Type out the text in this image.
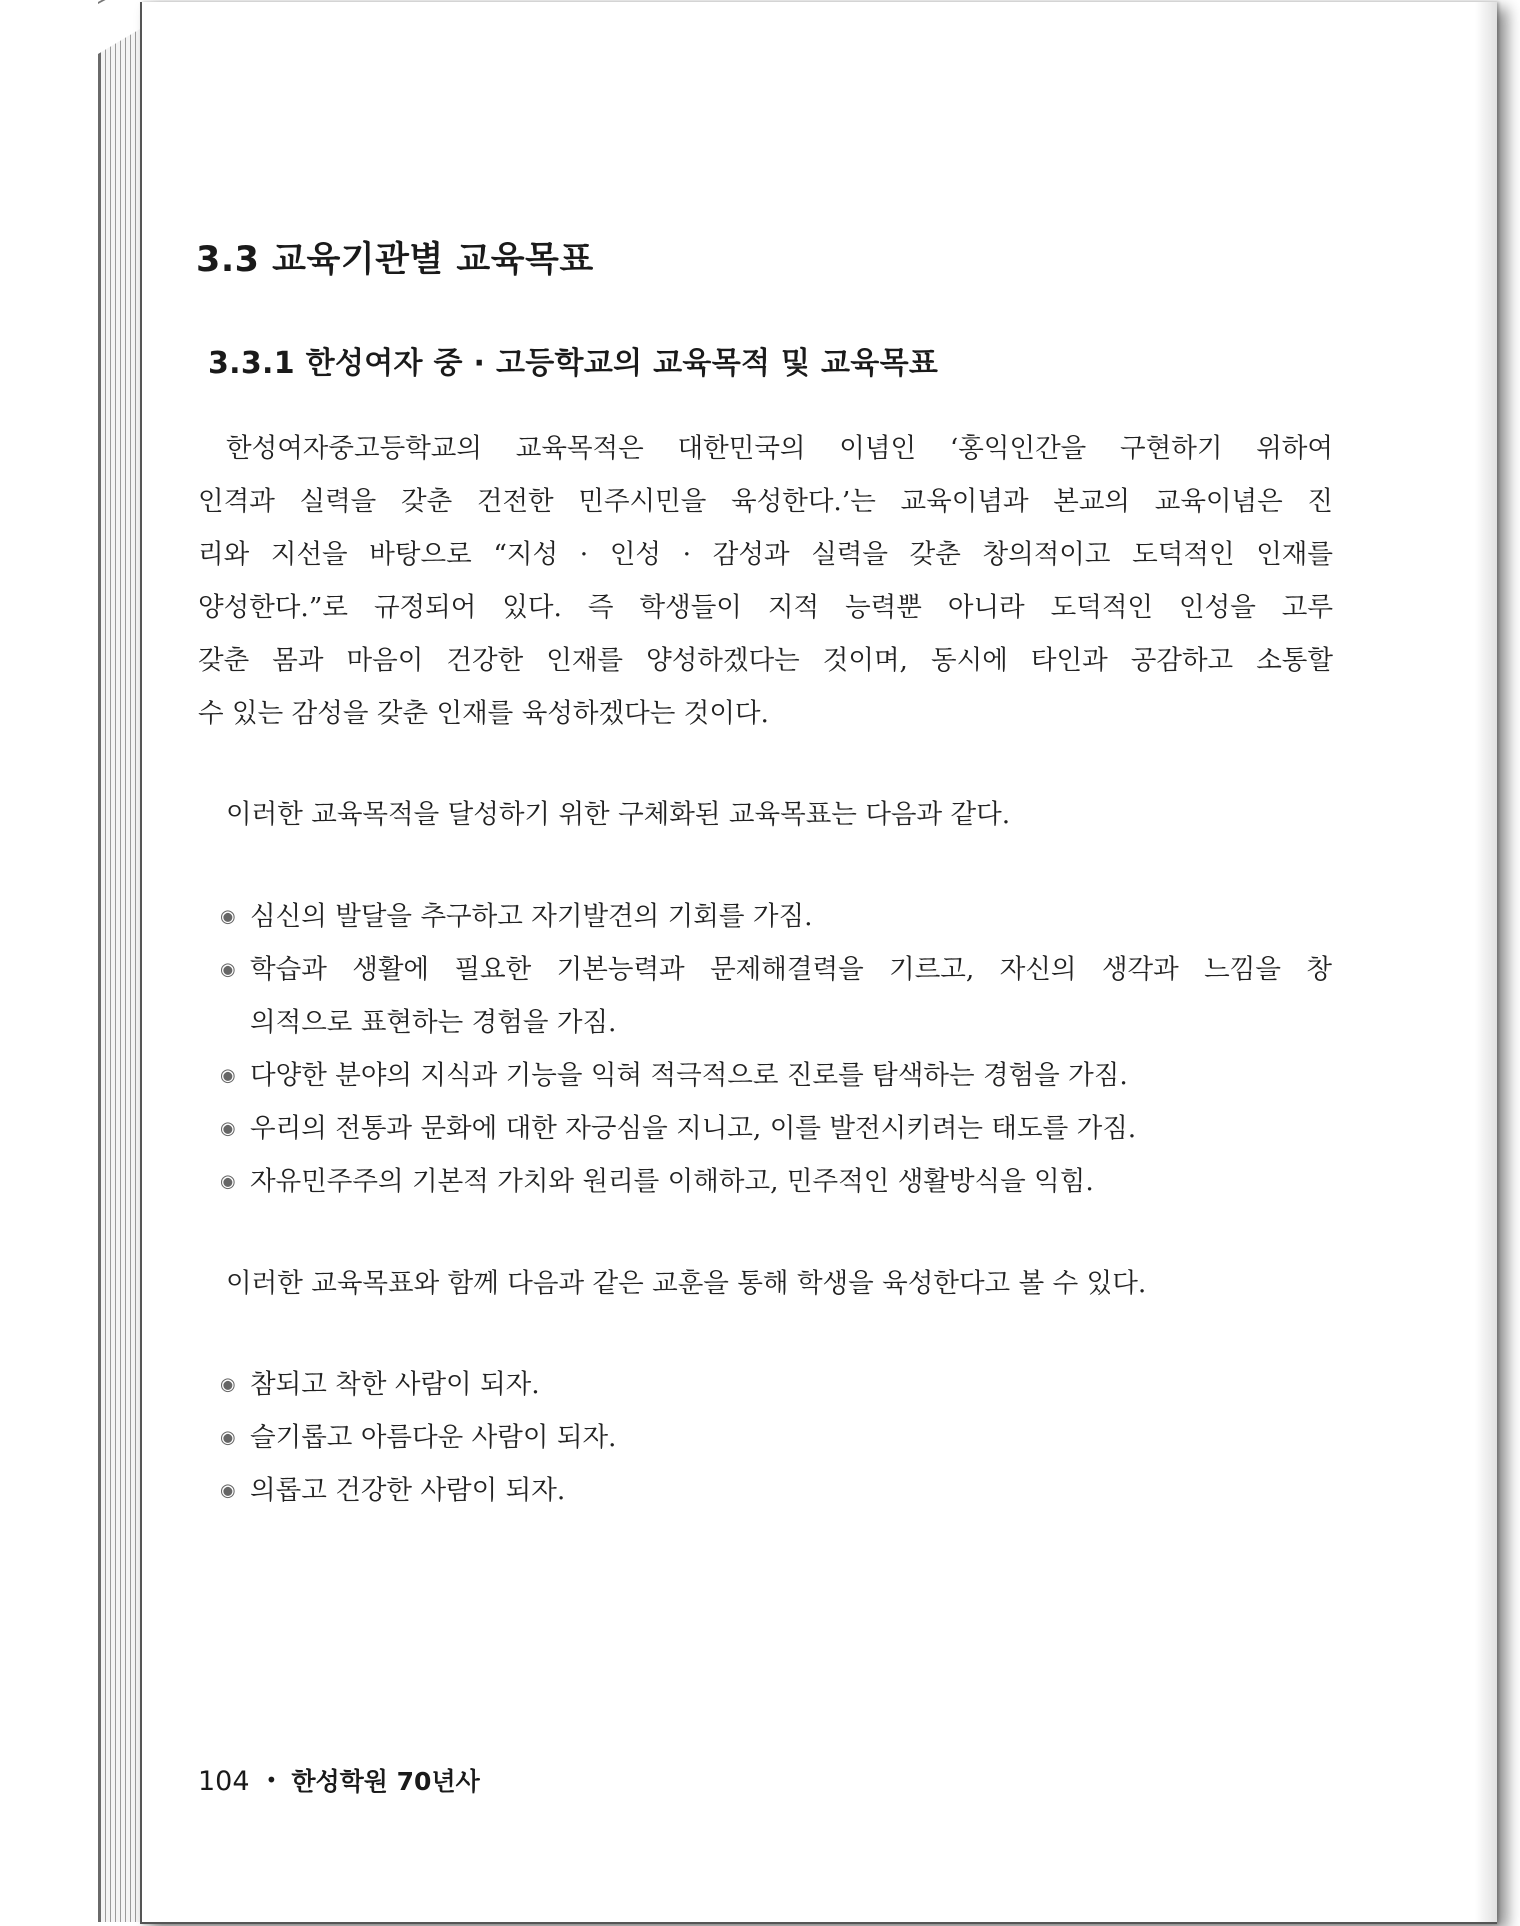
3.3 교육기관별 교육목표
3.3.1 한성여자 중 · 고등학교의 교육목적 및 교육목표

한성여자중고등학교의 교육목적은 대한민국의 이념인 ‘홍익인간을 구현하기 위하여
인격과 실력을 갖춘 건전한 민주시민을 육성한다.’는 교육이념과 본교의 교육이념은 진
리와 지선을 바탕으로 “지성 · 인성 · 감성과 실력을 갖춘 창의적이고 도덕적인 인재를
양성한다.”로 규정되어 있다. 즉 학생들이 지적 능력뿐 아니라 도덕적인 인성을 고루
갖춘 몸과 마음이 건강한 인재를 양성하겠다는 것이며, 동시에 타인과 공감하고 소통할
수 있는 감성을 갖춘 인재를 육성하겠다는 것이다.

이러한 교육목적을 달성하기 위한 구체화된 교육목표는 다음과 같다.

◉ 심신의 발달을 추구하고 자기발견의 기회를 가짐.
◉ 학습과 생활에 필요한 기본능력과 문제해결력을 기르고, 자신의 생각과 느낌을 창
의적으로 표현하는 경험을 가짐.
◉ 다양한 분야의 지식과 기능을 익혀 적극적으로 진로를 탐색하는 경험을 가짐.
◉ 우리의 전통과 문화에 대한 자긍심을 지니고, 이를 발전시키려는 태도를 가짐.
◉ 자유민주주의 기본적 가치와 원리를 이해하고, 민주적인 생활방식을 익힘.

이러한 교육목표와 함께 다음과 같은 교훈을 통해 학생을 육성한다고 볼 수 있다.

◉ 참되고 착한 사람이 되자.
◉ 슬기롭고 아름다운 사람이 되자.
◉ 의롭고 건강한 사람이 되자.
104 • 한성학원 70년사
